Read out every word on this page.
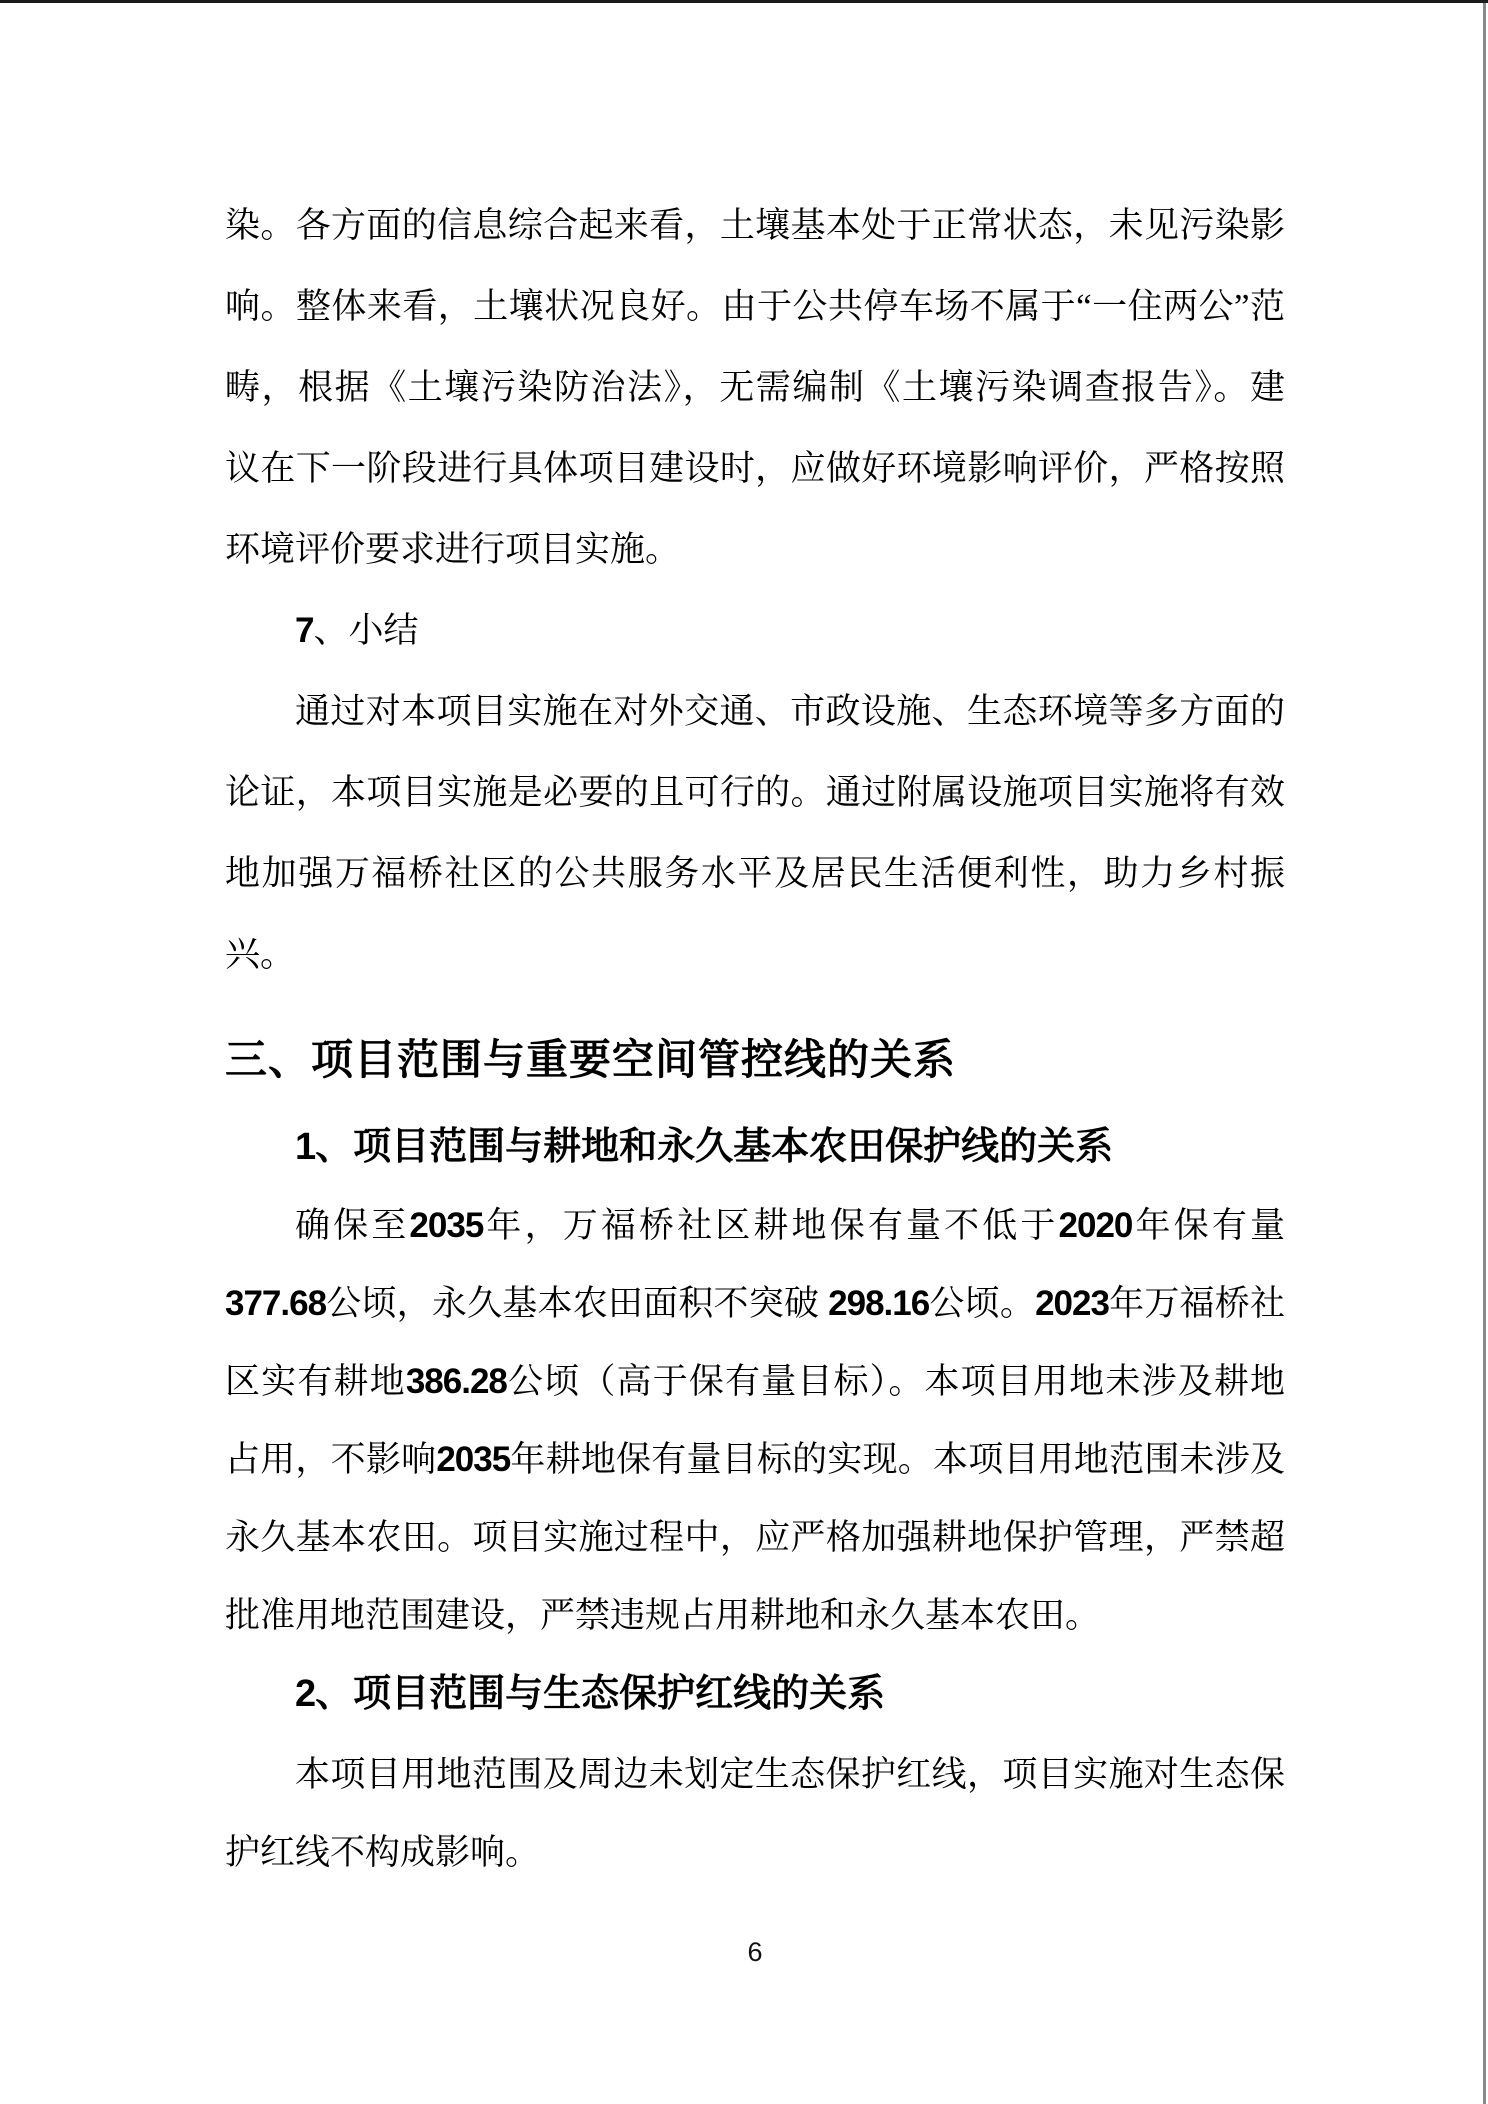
染。各方面的信息综合起来看，土壤基本处于正常状态，未见污染影
响。整体来看，土壤状况良好。由于公共停车场不属于“一住两公”范
畴，根据《土壤污染防治法》，无需编制《土壤污染调查报告》。建
议在下一阶段进行具体项目建设时，应做好环境影响评价，严格按照
环境评价要求进行项目实施。
7、小结
通过对本项目实施在对外交通、市政设施、生态环境等多方面的
论证，本项目实施是必要的且可行的。通过附属设施项目实施将有效
地加强万福桥社区的公共服务水平及居民生活便利性，助力乡村振
兴。
三、项目范围与重要空间管控线的关系
1、项目范围与耕地和永久基本农田保护线的关系
确保至2035年，万福桥社区耕地保有量不低于2020年保有量
377.68公顷，永久基本农田面积不突破 298.16公顷。2023年万福桥社
区实有耕地386.28公顷（高于保有量目标）。本项目用地未涉及耕地
占用，不影响2035年耕地保有量目标的实现。本项目用地范围未涉及
永久基本农田。项目实施过程中，应严格加强耕地保护管理，严禁超
批准用地范围建设，严禁违规占用耕地和永久基本农田。
2、项目范围与生态保护红线的关系
本项目用地范围及周边未划定生态保护红线，项目实施对生态保
护红线不构成影响。
6
